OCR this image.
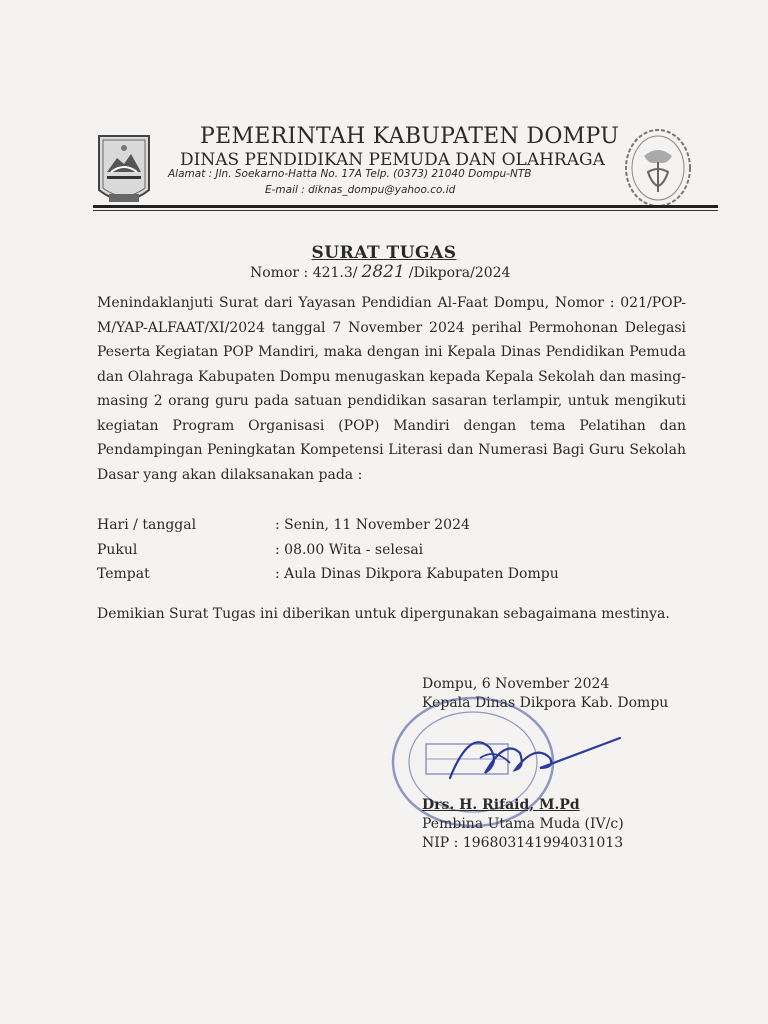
PEMERINTAH KABUPATEN DOMPU
DINAS PENDIDIKAN PEMUDA DAN OLAHRAGA
Alamat : Jln. Soekarno-Hatta No. 17A Telp. (0373) 21040 Dompu-NTB
E-mail : diknas_dompu@yahoo.co.id
SURAT TUGAS
Nomor : 421.3/ 2821 /Dikpora/2024
Menindaklanjuti Surat dari Yayasan Pendidian Al-Faat Dompu, Nomor : 021/POP-M/YAP-ALFAAT/XI/2024 tanggal 7 November 2024 perihal Permohonan Delegasi Peserta Kegiatan POP Mandiri, maka dengan ini Kepala Dinas Pendidikan Pemuda dan Olahraga Kabupaten Dompu menugaskan kepada Kepala Sekolah dan masing-masing 2 orang guru pada satuan pendidikan sasaran terlampir, untuk mengikuti kegiatan Program Organisasi (POP) Mandiri dengan tema Pelatihan dan Pendampingan Peningkatan Kompetensi Literasi dan Numerasi Bagi Guru Sekolah Dasar yang akan dilaksanakan pada :
Hari / tanggal	: Senin, 11 November 2024
Pukul	: 08.00 Wita - selesai
Tempat	: Aula Dinas Dikpora Kabupaten Dompu
Demikian Surat Tugas ini diberikan untuk dipergunakan sebagaimana mestinya.
Dompu, 6 November 2024
Kepala Dinas Dikpora Kab. Dompu
Drs. H. Rifaid, M.Pd
Pembina Utama Muda (IV/c)
NIP : 196803141994031013
